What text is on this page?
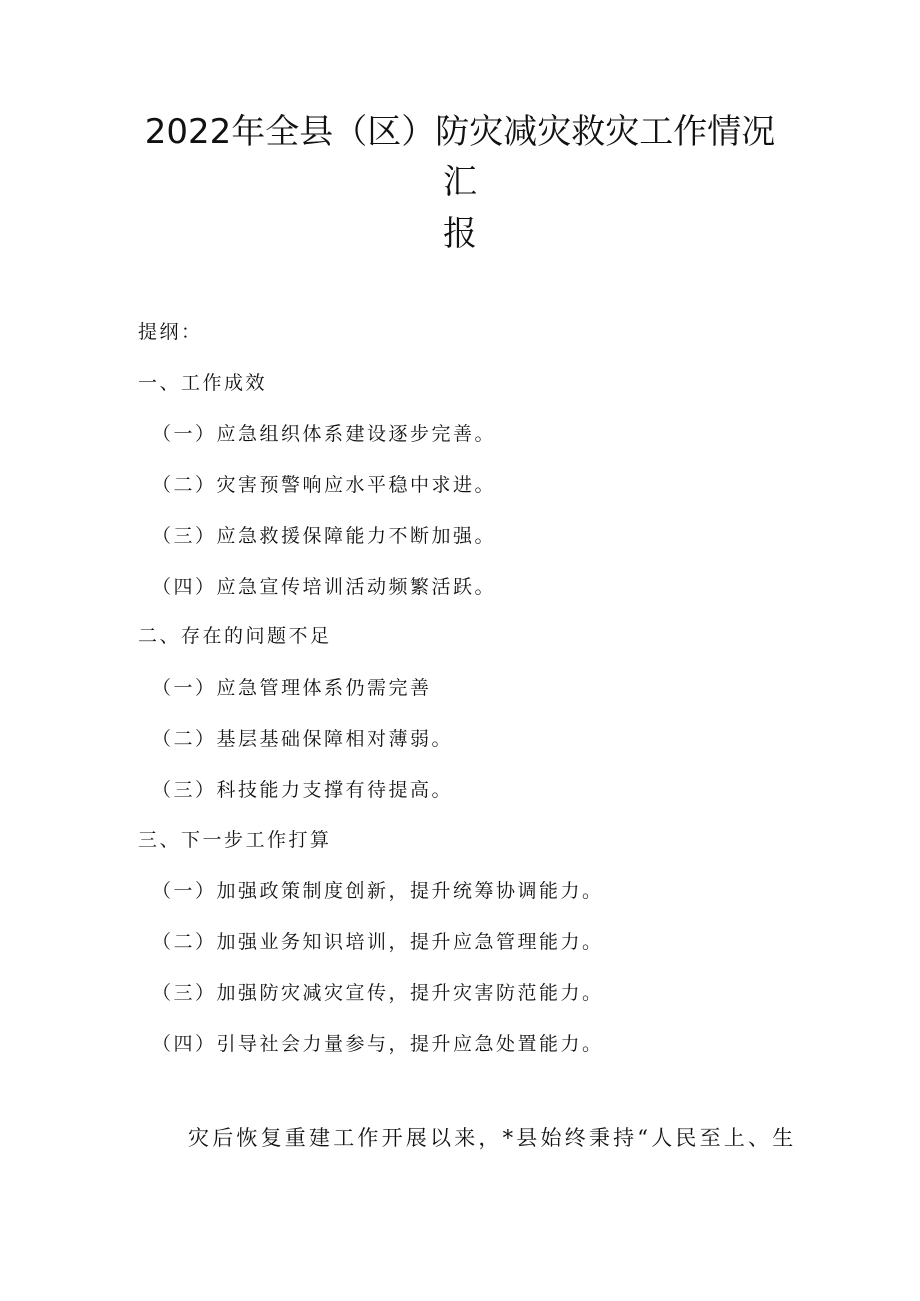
2022年全县（区）防灾减灾救灾工作情况
汇
报
提纲：
一、工作成效
（一）应急组织体系建设逐步完善。
（二）灾害预警响应水平稳中求进。
（三）应急救援保障能力不断加强。
（四）应急宣传培训活动频繁活跃。
二、存在的问题不足
（一）应急管理体系仍需完善
（二）基层基础保障相对薄弱。
（三）科技能力支撑有待提高。
三、下一步工作打算
（一）加强政策制度创新，提升统筹协调能力。
（二）加强业务知识培训，提升应急管理能力。
（三）加强防灾减灾宣传，提升灾害防范能力。
（四）引导社会力量参与，提升应急处置能力。
灾后恢复重建工作开展以来，*县始终秉持“人民至上、生
